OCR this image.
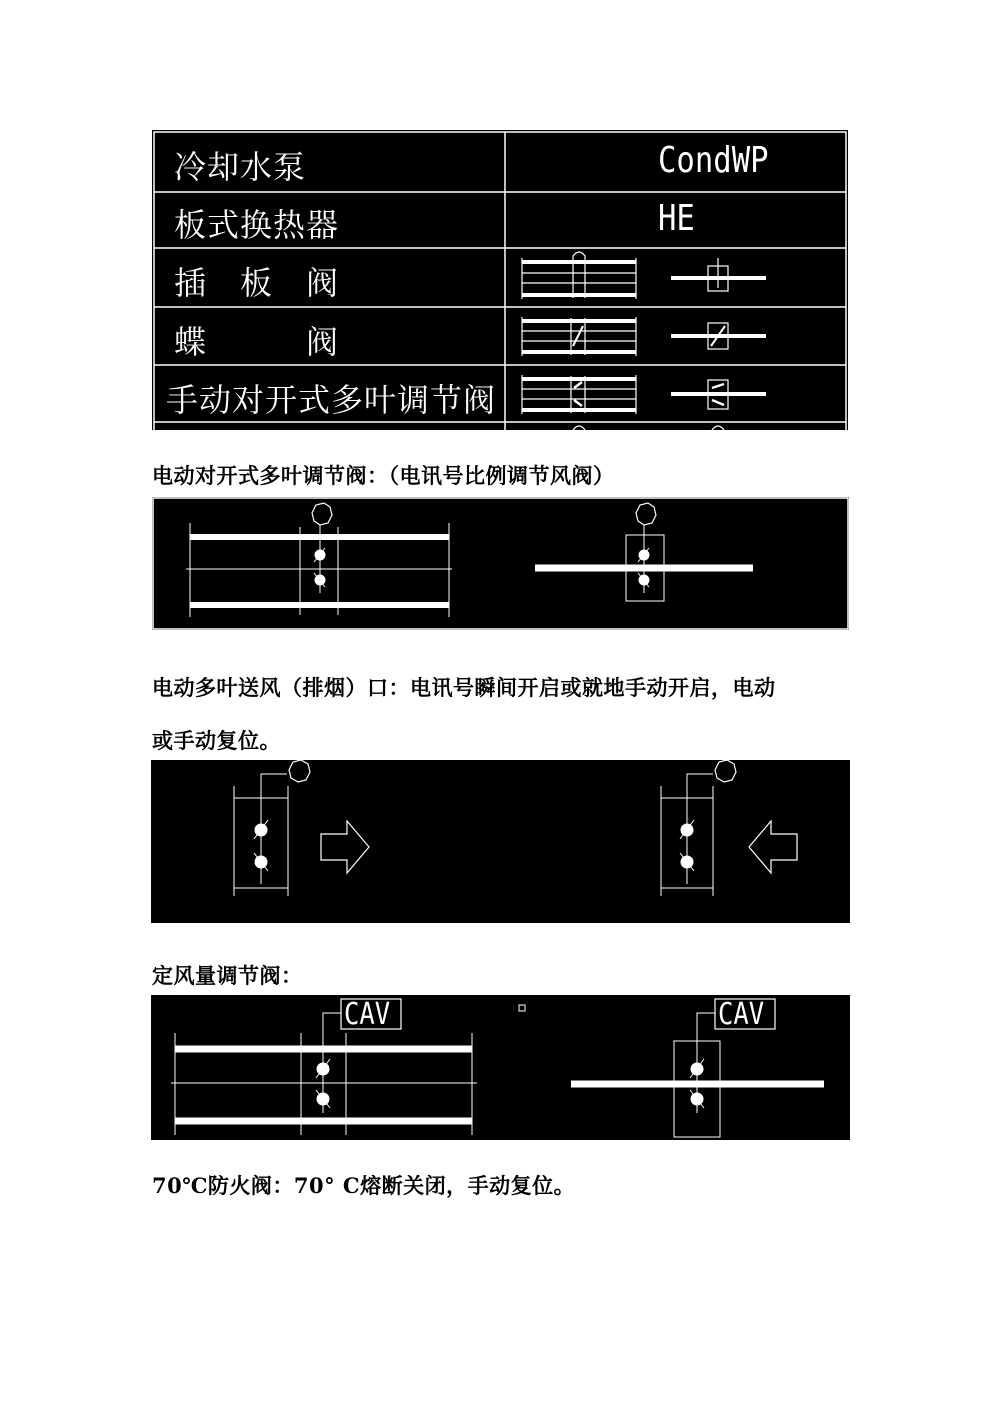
冷却水泵	CondWP
板式换热器	HE
插　板　阀
蝶　　　阀
手动对开式多叶调节阀
电动对开式多叶调节阀：（电讯号比例调节风阀）
电动多叶送风（排烟）口：电讯号瞬间开启或就地手动开启，电动
或手动复位。
定风量调节阀：
CAV	CAV
70℃防火阀：70° C熔断关闭，手动复位。
